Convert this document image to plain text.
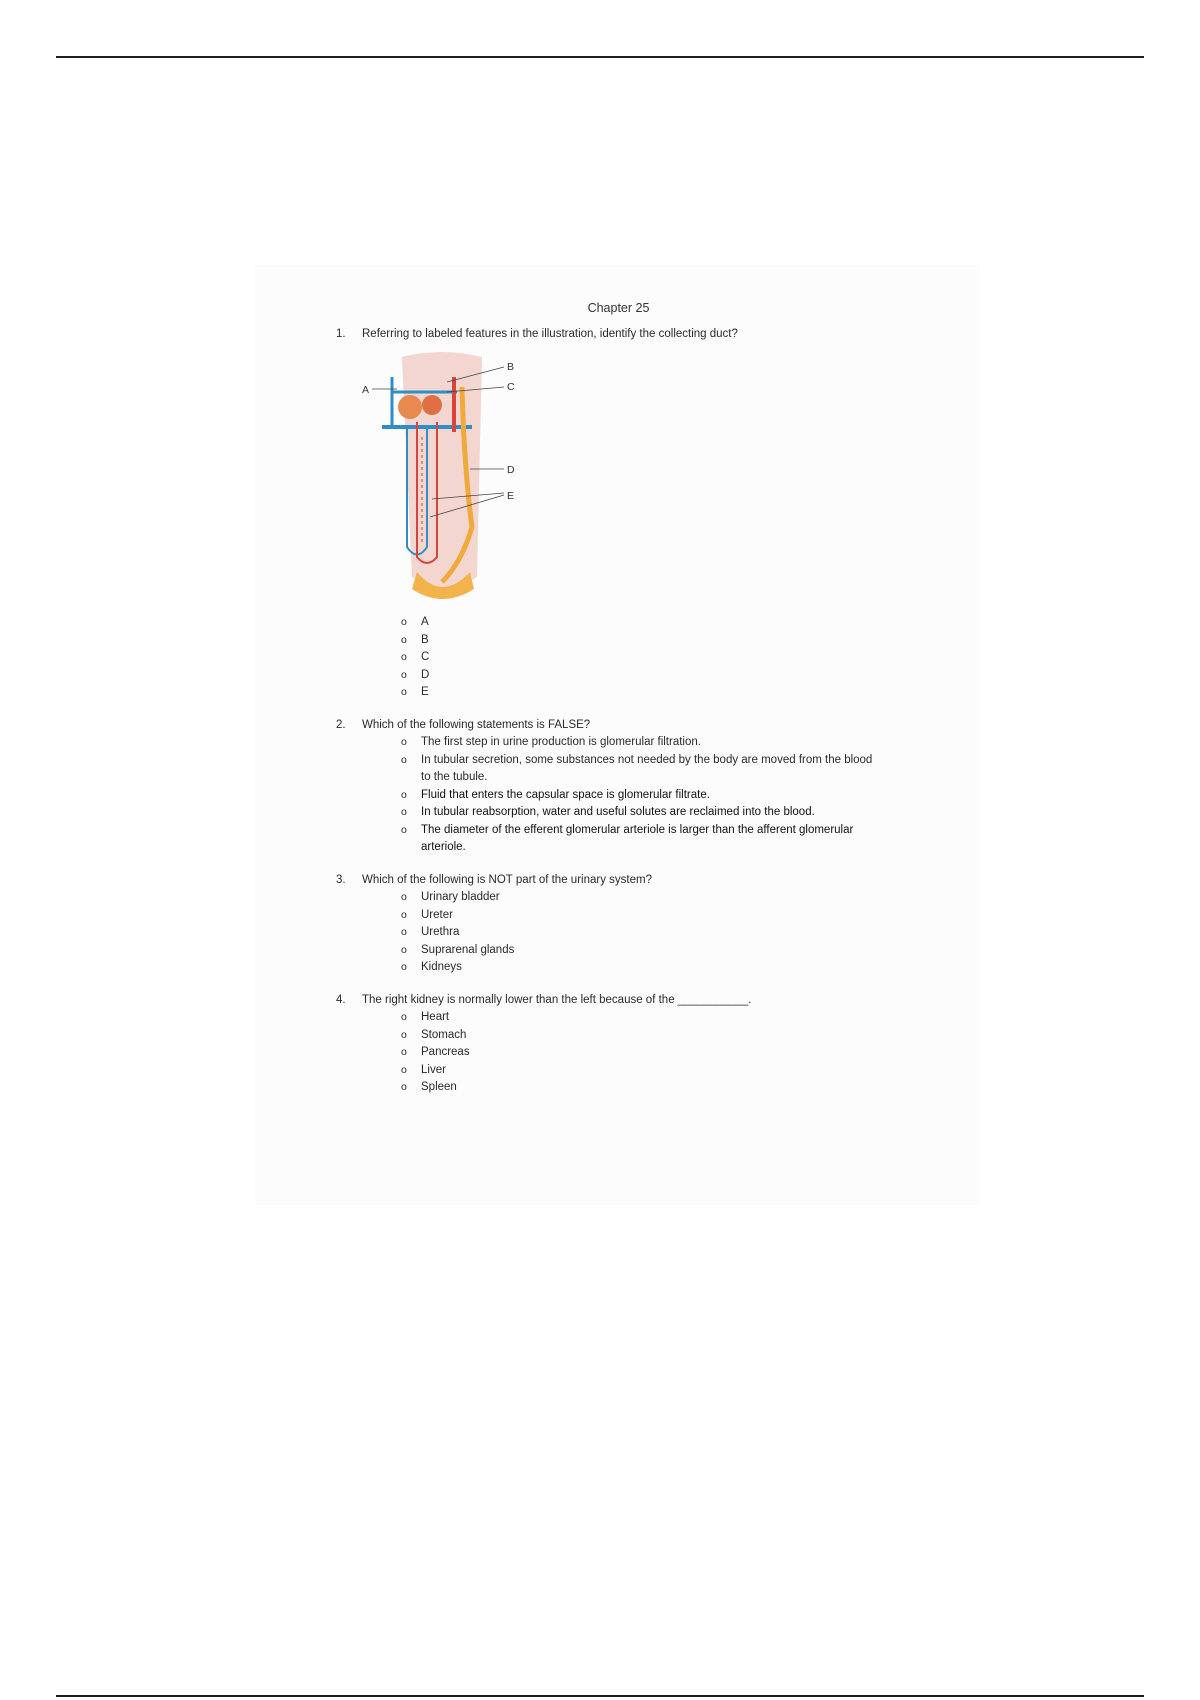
Chapter 25
1.	Referring to labeled features in the illustration, identify the collecting duct?
A
B
C
D
E
o	A
o	B
o	C
o	D
o	E
2.	Which of the following statements is FALSE?
o	The first step in urine production is glomerular filtration.
o	In tubular secretion, some substances not needed by the body are moved from the blood to the tubule.
o	Fluid that enters the capsular space is glomerular filtrate.
o	In tubular reabsorption, water and useful solutes are reclaimed into the blood.
o	The diameter of the efferent glomerular arteriole is larger than the afferent glomerular arteriole.
3.	Which of the following is NOT part of the urinary system?
o	Urinary bladder
o	Ureter
o	Urethra
o	Suprarenal glands
o	Kidneys
4.	The right kidney is normally lower than the left because of the ___________.
o	Heart
o	Stomach
o	Pancreas
o	Liver
o	Spleen
